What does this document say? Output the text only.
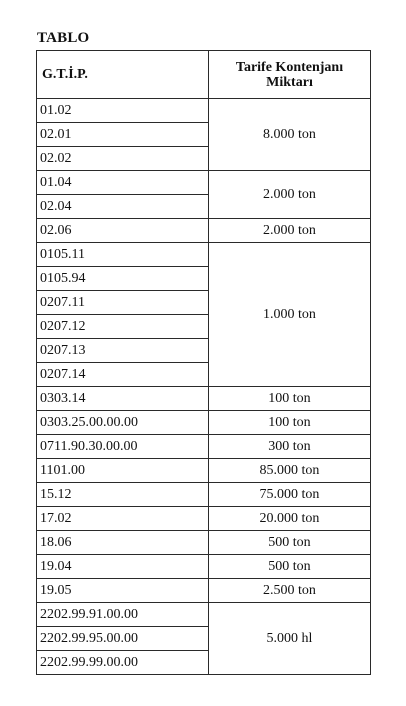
TABLO
G.T.İ.P.	Tarife Kontenjanı
Miktarı
01.02	8.000 ton
02.01	
02.02	
01.04	2.000 ton
02.04	
02.06	2.000 ton
0105.11	1.000 ton
0105.94	
0207.11	
0207.12	
0207.13	
0207.14	
0303.14	100 ton
0303.25.00.00.00	100 ton
0711.90.30.00.00	300 ton
1101.00	85.000 ton
15.12	75.000 ton
17.02	20.000 ton
18.06	500 ton
19.04	500 ton
19.05	2.500 ton
2202.99.91.00.00	5.000 hl
2202.99.95.00.00	
2202.99.99.00.00	
